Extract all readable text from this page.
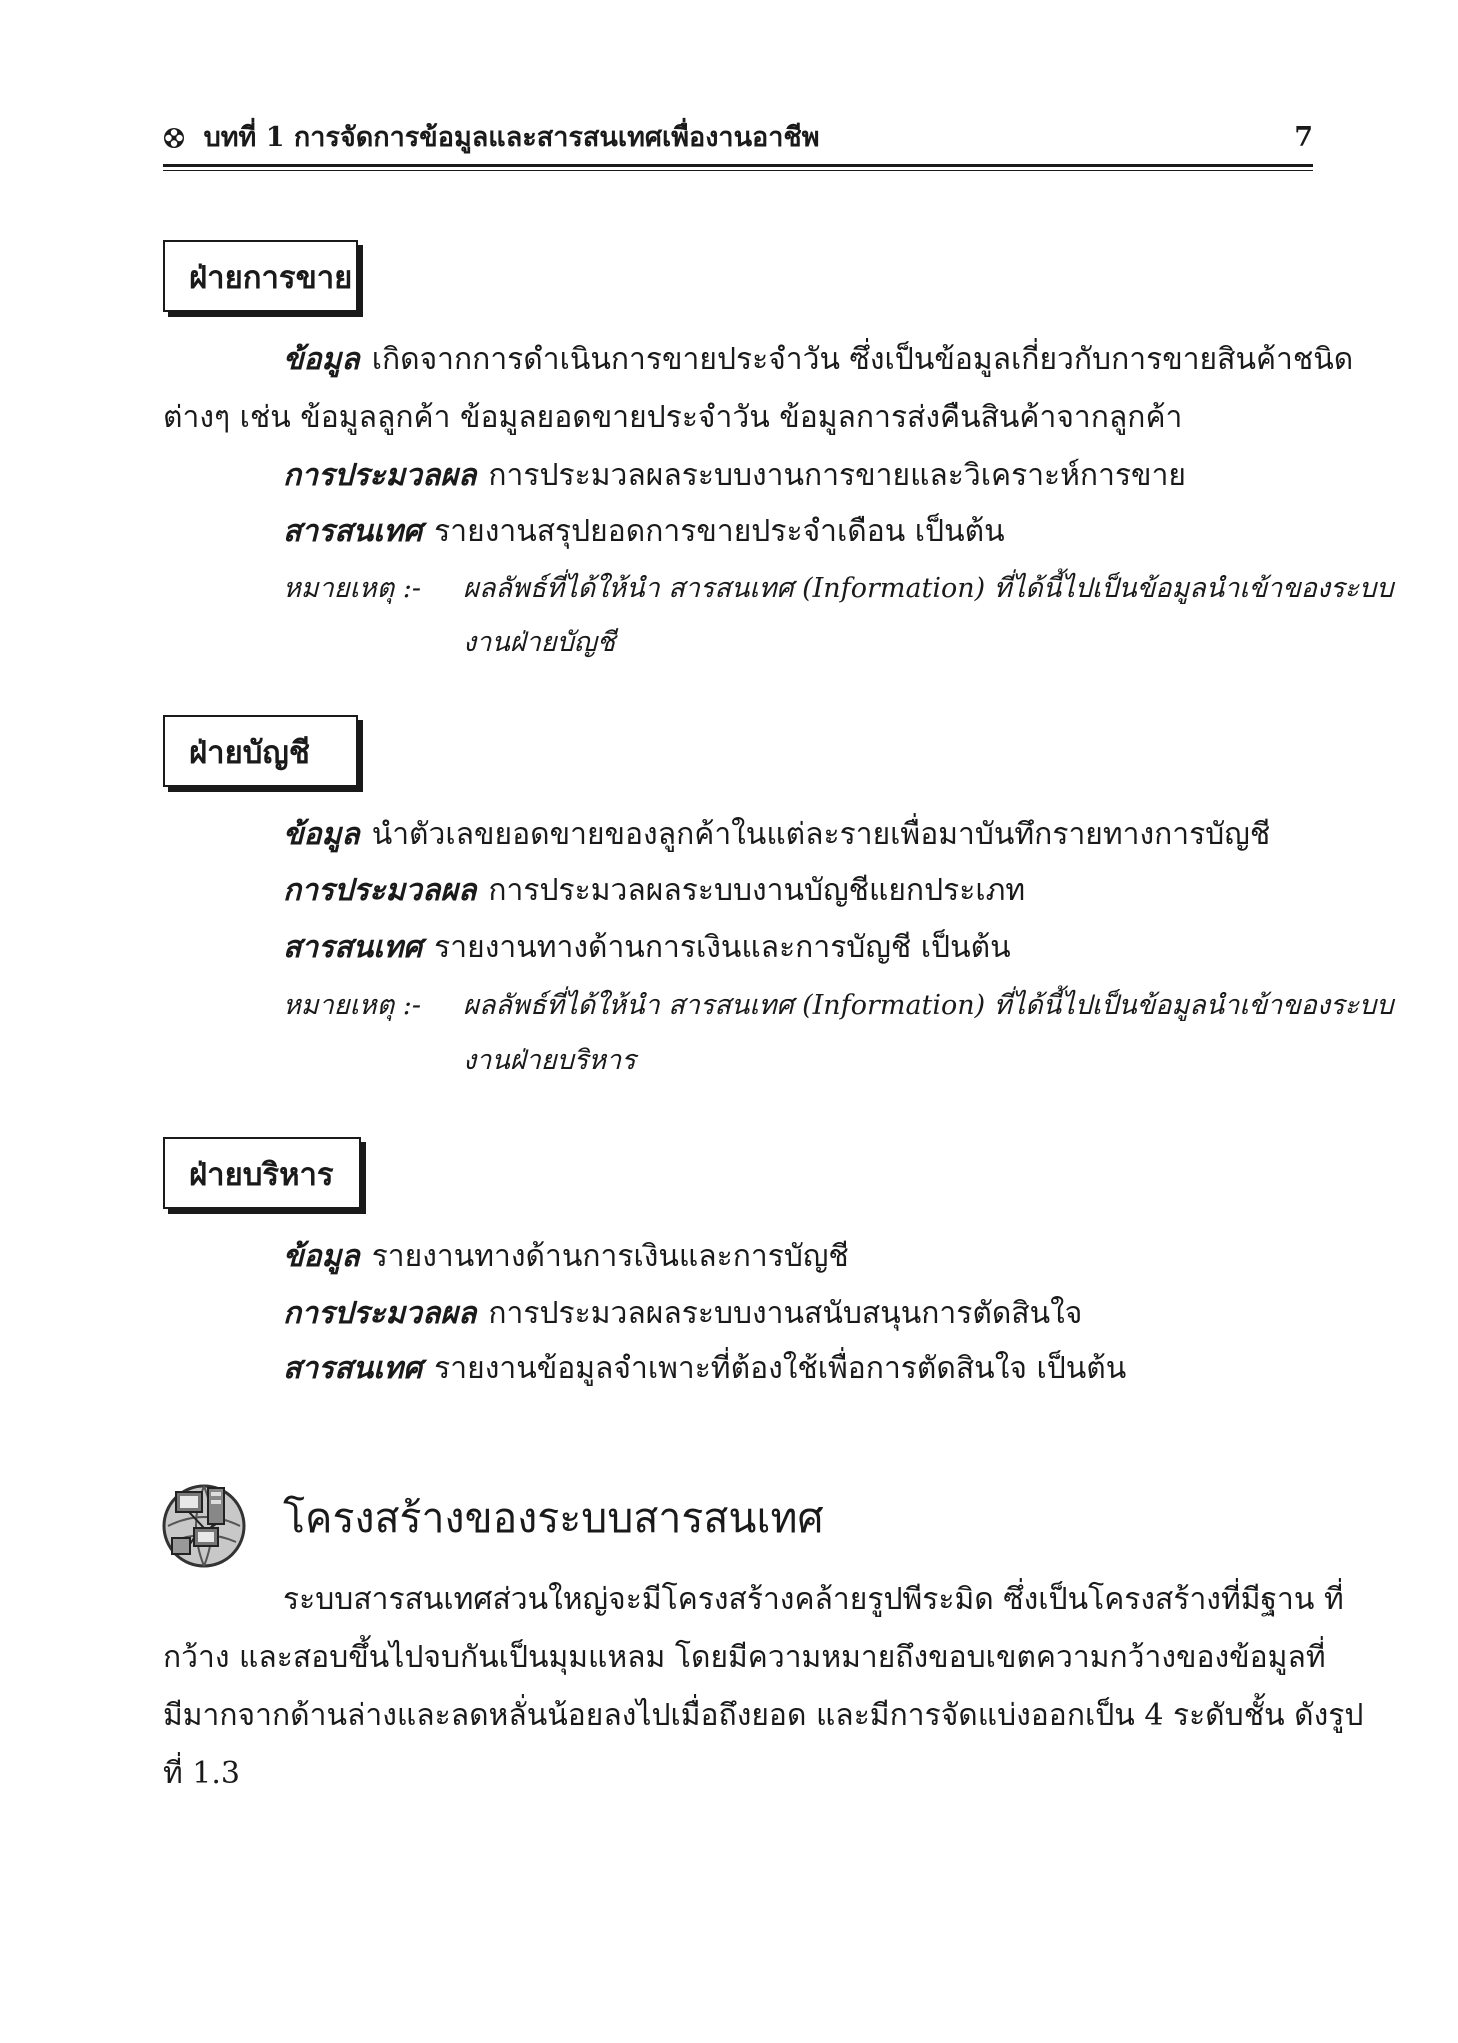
บทที่ 1 การจัดการข้อมูลและสารสนเทศเพื่องานอาชีพ	7
ฝ่ายการขาย
ข้อมูล เกิดจากการดำเนินการขายประจำวัน ซึ่งเป็นข้อมูลเกี่ยวกับการขายสินค้าชนิด
ต่างๆ เช่น ข้อมูลลูกค้า ข้อมูลยอดขายประจำวัน ข้อมูลการส่งคืนสินค้าจากลูกค้า
การประมวลผล การประมวลผลระบบงานการขายและวิเคราะห์การขาย
สารสนเทศ รายงานสรุปยอดการขายประจำเดือน เป็นต้น
หมายเหตุ :- ผลลัพธ์ที่ได้ให้นำ สารสนเทศ (Information) ที่ได้นี้ไปเป็นข้อมูลนำเข้าของระบบ
งานฝ่ายบัญชี
ฝ่ายบัญชี
ข้อมูล นำตัวเลขยอดขายของลูกค้าในแต่ละรายเพื่อมาบันทึกรายทางการบัญชี
การประมวลผล การประมวลผลระบบงานบัญชีแยกประเภท
สารสนเทศ รายงานทางด้านการเงินและการบัญชี เป็นต้น
หมายเหตุ :- ผลลัพธ์ที่ได้ให้นำ สารสนเทศ (Information) ที่ได้นี้ไปเป็นข้อมูลนำเข้าของระบบ
งานฝ่ายบริหาร
ฝ่ายบริหาร
ข้อมูล รายงานทางด้านการเงินและการบัญชี
การประมวลผล การประมวลผลระบบงานสนับสนุนการตัดสินใจ
สารสนเทศ รายงานข้อมูลจำเพาะที่ต้องใช้เพื่อการตัดสินใจ เป็นต้น
โครงสร้างของระบบสารสนเทศ
ระบบสารสนเทศส่วนใหญ่จะมีโครงสร้างคล้ายรูปพีระมิด ซึ่งเป็นโครงสร้างที่มีฐาน ที่
กว้าง และสอบขึ้นไปจบกันเป็นมุมแหลม โดยมีความหมายถึงขอบเขตความกว้างของข้อมูลที่
มีมากจากด้านล่างและลดหลั่นน้อยลงไปเมื่อถึงยอด และมีการจัดแบ่งออกเป็น 4 ระดับชั้น ดังรูป
ที่ 1.3
